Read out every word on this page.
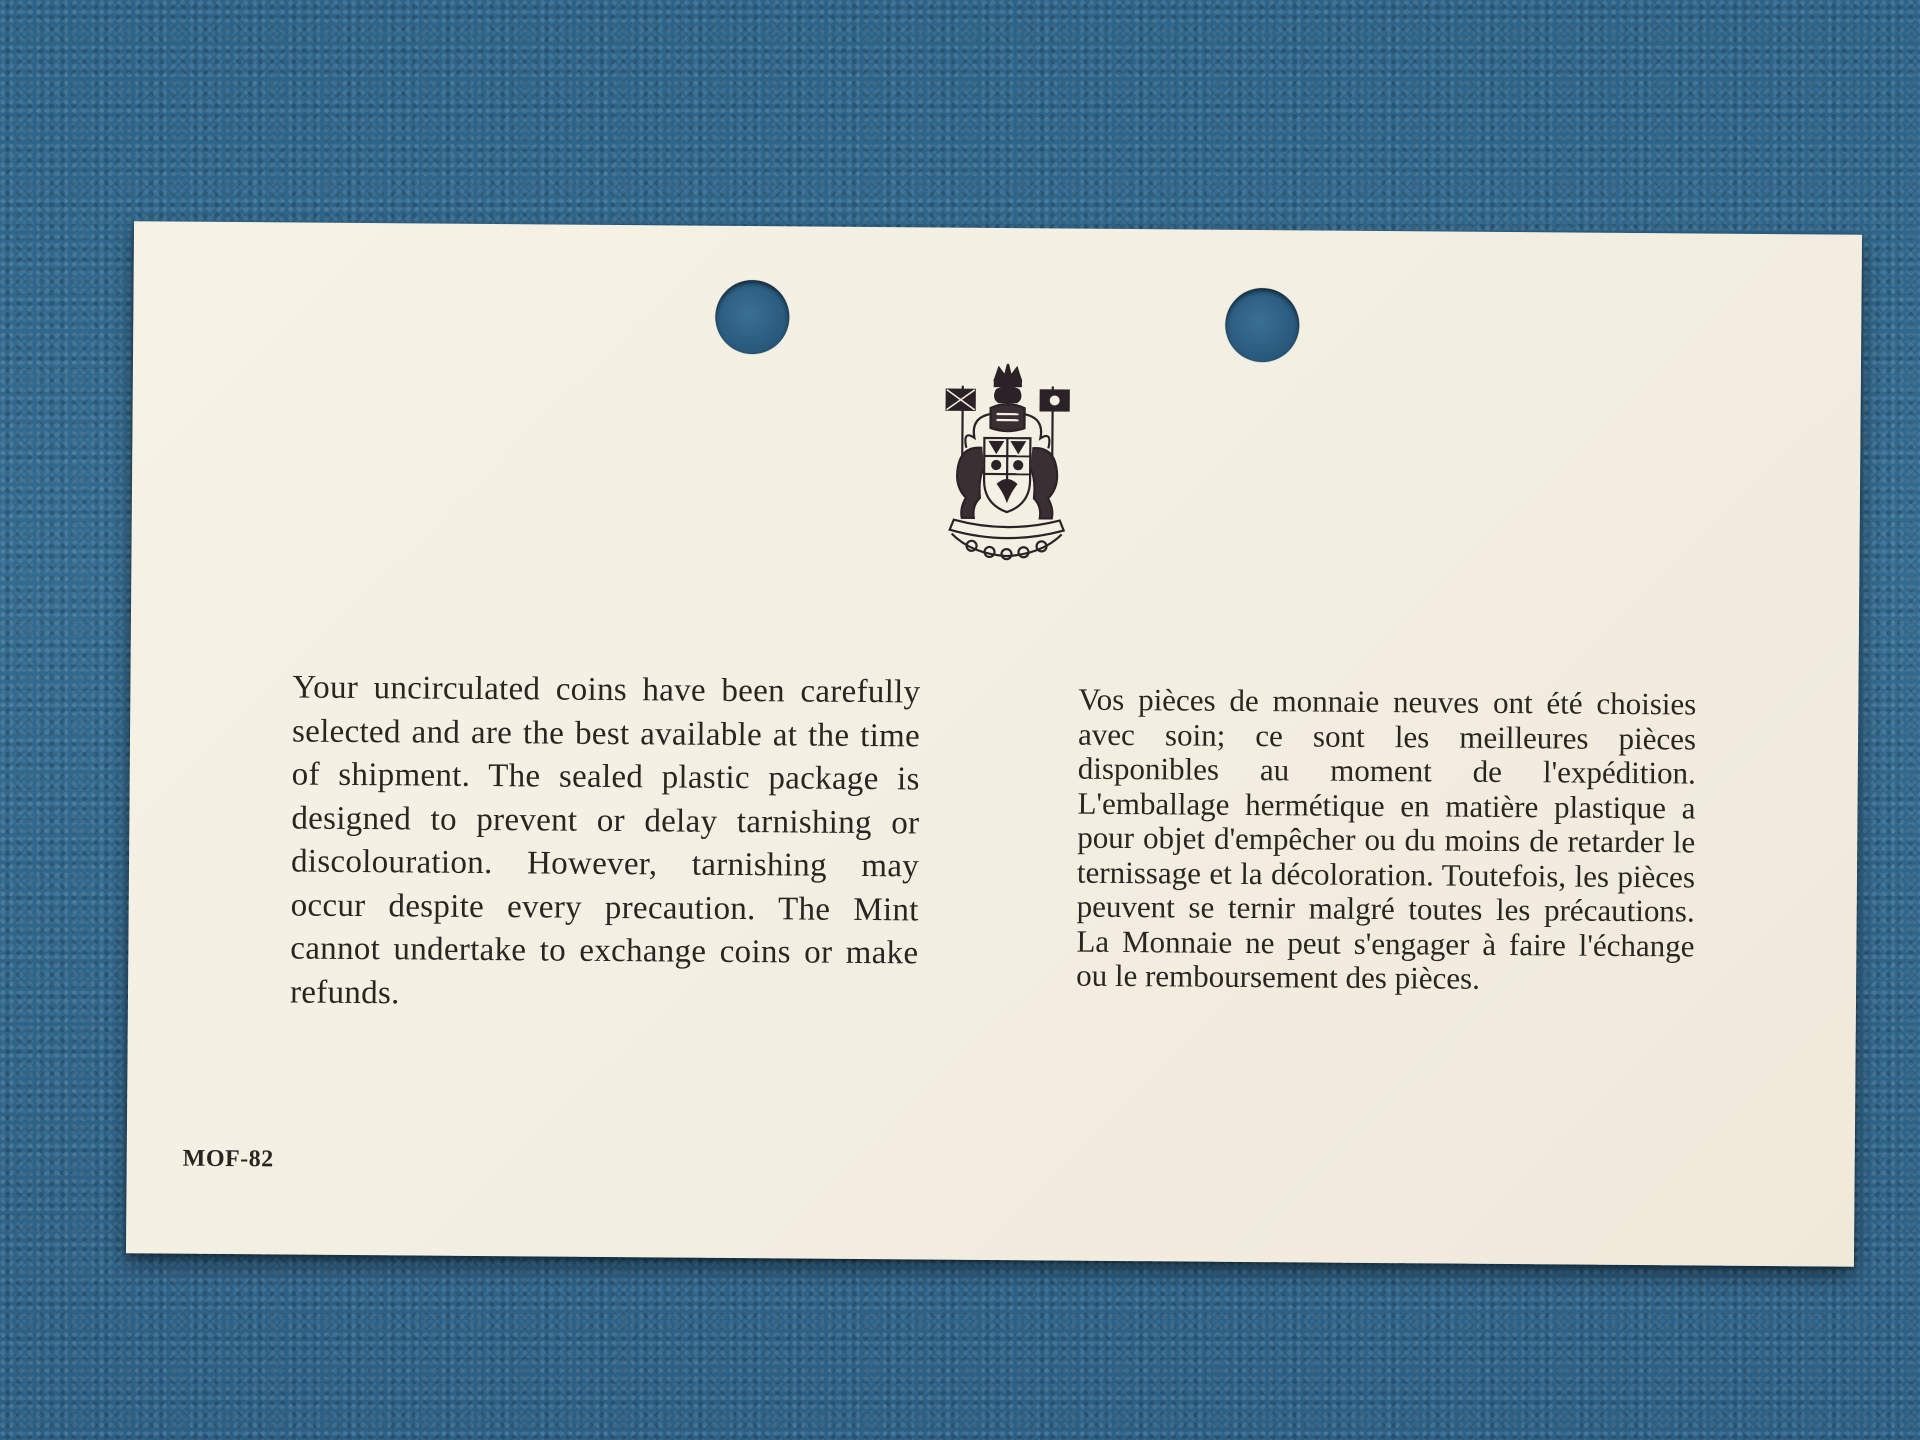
Your uncirculated coins have been carefully selected and are the best available at the time of shipment. The sealed plastic package is designed to prevent or delay tarnishing or discolouration. However, tarnishing may occur despite every precaution. The Mint cannot undertake to exchange coins or make refunds.
Vos pièces de monnaie neuves ont été choisies avec soin; ce sont les meilleures pièces disponibles au moment de l'expédition. L'emballage hermétique en matière plastique a pour objet d'empêcher ou du moins de retarder le ternissage et la décoloration. Toutefois, les pièces peuvent se ternir malgré toutes les précautions. La Monnaie ne peut s'engager à faire l'échange ou le remboursement des pièces.
MOF-82
